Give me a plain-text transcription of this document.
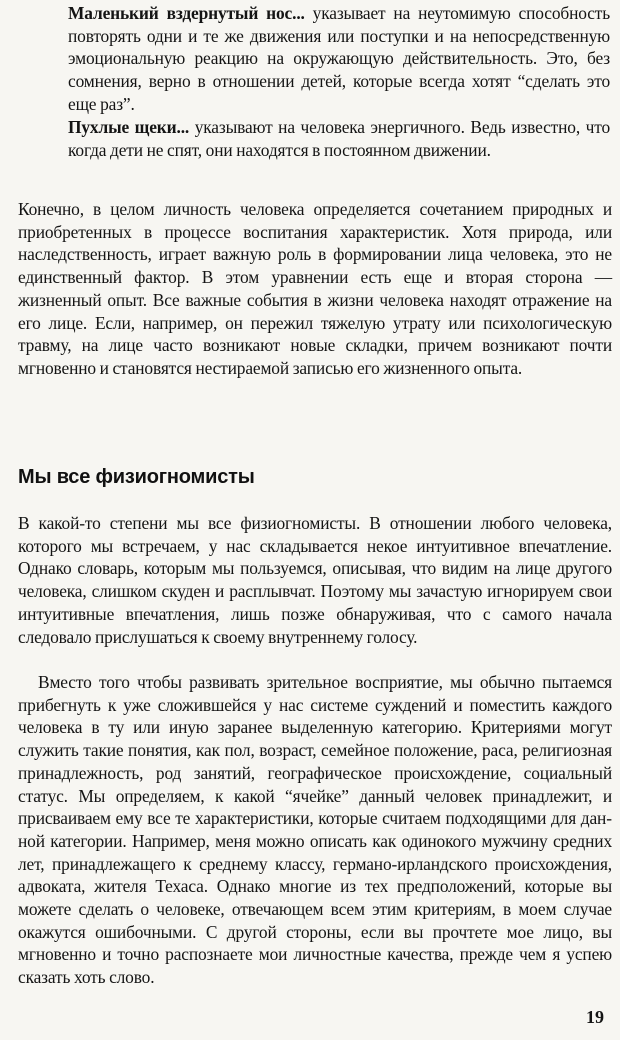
Маленький вздернутый нос... указывает на неутомимую способность повторять одни и те же движения или поступки и на непосредственную эмоциональную реакцию на окружающую действительность. Это, без сомнения, верно в отношении детей, которые всегда хотят “сделать это еще раз”.

Пухлые щеки... указывают на человека энергичного. Ведь известно, что когда дети не спят, они находятся в постоянном движении.

Конечно, в целом личность человека определяется сочетанием природных и приобретенных в процессе воспитания характеристик. Хотя природа, или наследственность, играет важную роль в формировании лица человека, это не единственный фактор. В этом уравнении есть еще и вторая сторона — жизненный опыт. Все важные события в жизни человека находят отражение на его лице. Если, например, он пережил тяжелую утрату или психологическую травму, на лице часто возникают новые складки, причем возникают почти мгновенно и становятся нестираемой записью его жизненного опыта.

Мы все физиогномисты

В какой-то степени мы все физиогномисты. В отношении любого человека, которого мы встречаем, у нас складывается некое интуитивное впечатление. Однако словарь, которым мы пользуемся, описывая, что видим на лице другого человека, слишком скуден и расплывчат. Поэтому мы зачастую игнорируем свои интуитивные впечатления, лишь позже обнаруживая, что с самого начала следовало прислушаться к своему внутреннему голосу.

Вместо того чтобы развивать зрительное восприятие, мы обычно пытаемся прибегнуть к уже сложившейся у нас системе суждений и поместить каждого человека в ту или иную заранее выделенную категорию. Критериями могут служить такие понятия, как пол, возраст, семейное положение, раса, религиозная принадлежность, род занятий, географическое происхождение, социальный статус. Мы определяем, к какой “ячейке” данный человек принадлежит, и присваиваем ему все те характеристики, которые считаем подходящими для данной категории. Например, меня можно описать как одинокого мужчину средних лет, принадлежащего к среднему классу, германо-ирландского происхождения, адвоката, жителя Техаса. Однако многие из тех предположений, которые вы можете сделать о человеке, отвечающем всем этим критериям, в моем случае окажутся ошибочными. С другой стороны, если вы прочтете мое лицо, вы мгновенно и точно распознаете мои личностные качества, прежде чем я успею сказать хоть слово.

19
